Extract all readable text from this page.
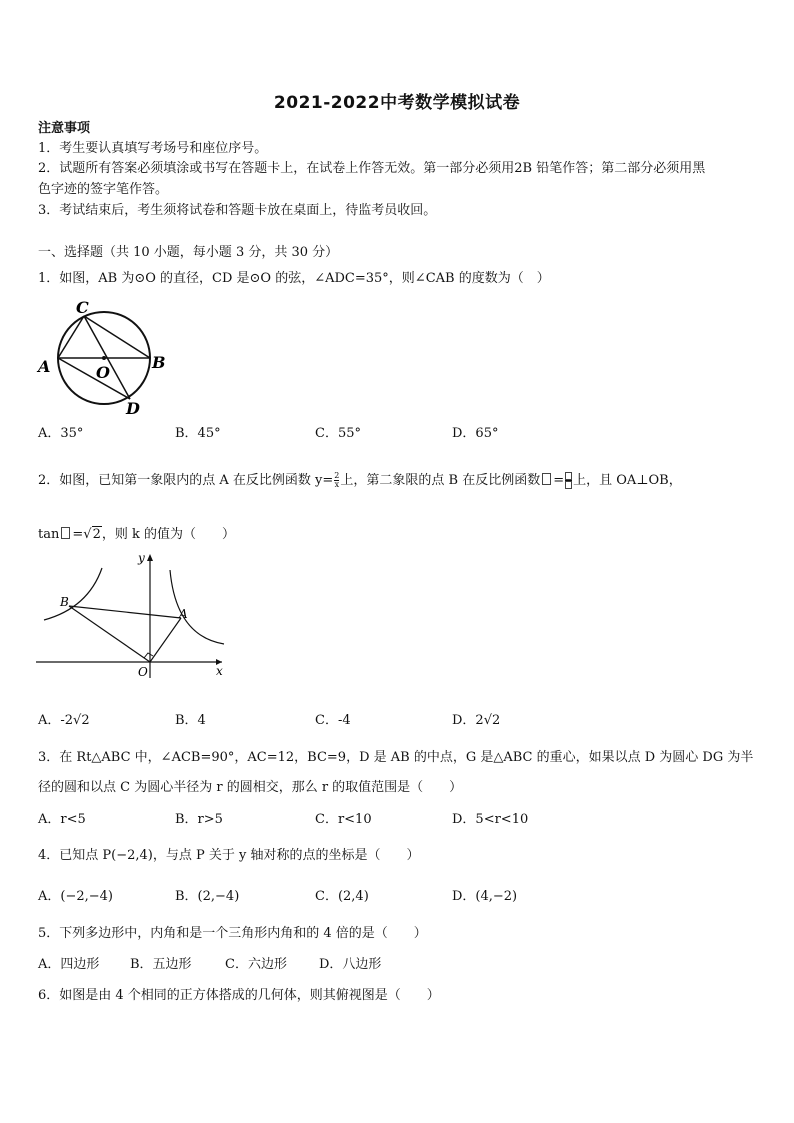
2021-2022中考数学模拟试卷
注意事项
1．考生要认真填写考场号和座位序号。
2．试题所有答案必须填涂或书写在答题卡上，在试卷上作答无效。第一部分必须用2B 铅笔作答；第二部分必须用黑
色字迹的签字笔作答。
3．考试结束后，考生须将试卷和答题卡放在桌面上，待监考员收回。
一、选择题（共 10 小题，每小题 3 分，共 30 分）
1．如图，AB 为⊙O 的直径，CD 是⊙O 的弦，∠ADC=35°，则∠CAB 的度数为（　）
C
A	B
O
D
A．35°	B．45°	C．55°	D．65°
2．如图，已知第一象限内的点 A 在反比例函数 $y= \frac{2}{x}$ 上，第二象限的点 B 在反比例函数 = 上，且 OA⊥OB，
tan =√2，则 k 的值为（　　）
B
A
O	x
y
A．-2√2	B．4	C．-4	D．2√2
3．在 Rt△ABC 中，∠ACB=90°，AC=12，BC=9，D 是 AB 的中点，G 是△ABC 的重心，如果以点 D 为圆心 DG 为半
径的圆和以点 C 为圆心半径为 r 的圆相交，那么 r 的取值范围是（　　）
A．r<5	B．r>5	C．r<10	D．5<r<10
4．已知点 P(−2,4)，与点 P 关于 y 轴对称的点的坐标是（　　）
A．(−2,−4)	B．(2,−4)	C．(2,4)	D．(4,−2)
5．下列多边形中，内角和是一个三角形内角和的 4 倍的是（　　）
A．四边形 B．五边形	C．六边形 D．八边形
6．如图是由 4 个相同的正方体搭成的几何体，则其俯视图是（　　）
